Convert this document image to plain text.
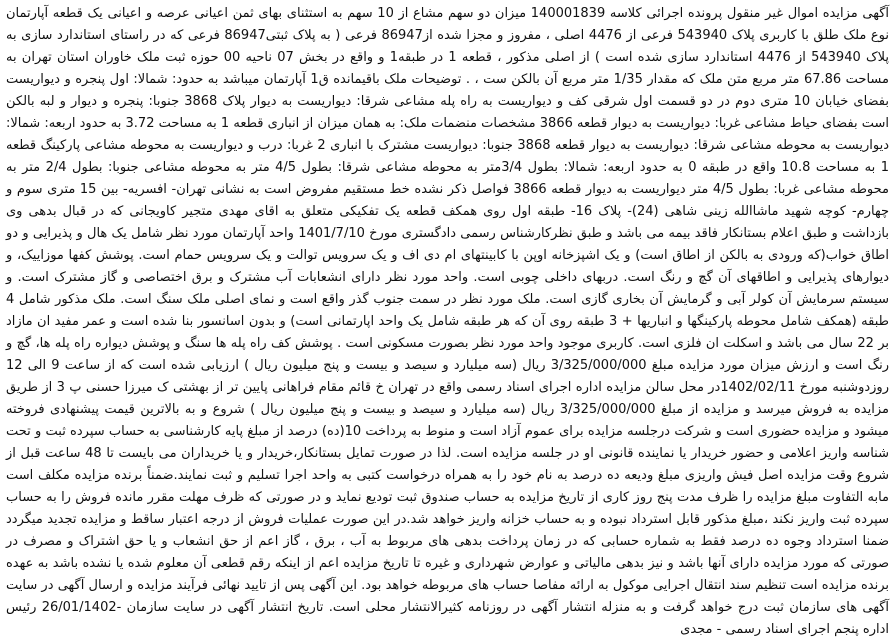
آگهی مزایده اموال غیر منقول پرونده اجرائی کلاسه 140001839 میزان دو سهم مشاع از 10 سهم به استثنای بهای ثمن اعیانی عرصه و اعیانی یک قطعه آپارتمان نوع ملک طلق با کاربری پلاک 543940 فرعی از 4476 اصلی ، مفروز و مجزا شده از86947 فرعی ( به پلاک ثبتی86947 فرعی که در راستای استاندارد سازی به پلاک 543940 از 4476 استاندارد سازی شده است ) از اصلی مذکور ، قطعه 1 در طبقه1 و واقع در بخش 07 ناحیه 00 حوزه ثبت ملک خاوران استان تهران به مساحت 67.86 متر مربع متن ملک که مقدار 1/35 متر مربع آن بالکن ست ، . توضیحات ملک باقیمانده ق1 آپارتمان میباشد به حدود: شمالا: اول پنجره و دیواریست بفضای خیابان 10 متری دوم در دو قسمت اول شرقی کف و دیواریست به راه پله مشاعی شرقا: دیواریست به دیوار پلاک 3868 جنوبا: پنجره و دیوار و لبه بالکن است بفضای حیاط مشاعی غربا: دیواریست به دیوار قطعه 3866 مشخصات منضمات ملک: به همان میزان از انباری قطعه 1 به مساحت 3.72 به حدود اربعه: شمالا: دیواریست به محوطه مشاعی شرقا: دیواریست به دیوار قطعه 3868 جنوبا: دیواریست مشترک با انباری 2 غربا: درب و دیواریست به محوطه مشاعی پارکینگ قطعه 1 به مساحت 10.8 واقع در طبقه 0 به حدود اربعه: شمالا: بطول 3/4متر به محوطه مشاعی شرقا: بطول 4/5 متر به محوطه مشاعی جنوبا: بطول 2/4 متر به محوطه مشاعی غربا: بطول 4/5 متر دیواریست به دیوار قطعه 3866 فواصل ذکر نشده خط مستقیم مفروض است به نشانی تهران- افسریه- بین 15 متری سوم و چهارم- کوچه شهید ماشاالله زینی شاهی (24)- پلاک 16- طبقه اول روی همکف قطعه یک تفکیکی متعلق به اقای مهدی متجیر کاویجانی که در قبال بدهی وی بازداشت و طبق اعلام بستانکار فاقد بیمه می باشد و طبق نظرکارشناس رسمی دادگستری مورخ 1401/7/10 واحد آپارتمان مورد نظر شامل یک هال و پذیرایی و دو اطاق خواب(که ورودی به بالکن از اطاق است) و یک اشپزخانه اوپن با کابینتهای ام دی اف و یک سرویس توالت و یک سرویس حمام است. پوشش کفها موزاییک، و دیوارهای پذیرایی و اطاقهای آن گچ و رنگ است. دربهای داخلی چوبی است. واحد مورد نظر دارای انشعابات آب مشترک و برق اختصاصی و گاز مشترک است. و سیستم سرمایش آن کولر آبی و گرمایش آن بخاری گازی است. ملک مورد نظر در سمت جنوب گذر واقع است و نمای اصلی ملک سنگ است. ملک مذکور شامل 4 طبقه (همکف شامل محوطه پارکینگها و انباریها + 3 طبقه روی آن که هر طبقه شامل یک واحد اپارتمانی است) و بدون اسانسور بنا شده است و عمر مفید ان مازاد بر 22 سال می باشد و اسکلت ان فلزی است. کاربری موجود واحد مورد نظر بصورت مسکونی است . پوشش کف راه پله ها سنگ و پوشش دیواره راه پله ها، گچ و رنگ است و ارزش میزان مورد مزایده مبلغ 3/325/000/000 ریال (سه میلیارد و سیصد و بیست و پنج میلیون ریال ) ارزیابی شده است که از ساعت 9 الی 12 روزدوشنبه مورخ 1402/02/11در محل سالن مزایده اداره اجرای اسناد رسمی واقع در تهران خ قائم مقام فراهانی پایین تر از بهشتی ک میرزا حسنی پ 3 از طریق مزایده به فروش میرسد و مزایده از مبلغ 3/325/000/000 ریال (سه میلیارد و سیصد و بیست و پنج میلیون ریال ) شروع و به بالاترین قیمت پیشنهادی فروخته میشود و مزایده حضوری است و شرکت درجلسه مزایده برای عموم آزاد است و منوط به پرداخت 10(ده) درصد از مبلغ پایه کارشناسی به حساب سپرده ثبت و تحت شناسه واریز اعلامی و حضور خریدار یا نماینده قانونی او در جلسه مزایده است. لذا در صورت تمایل بستانکار،خریدار و یا خریداران می بایست تا 48 ساعت قبل از شروع وقت مزایده اصل فیش واریزی مبلغ ودیعه ده درصد به نام خود را به همراه درخواست کتبی به واحد اجرا تسلیم و ثبت نمایند.ضمناً برنده مزایده مکلف است مابه التفاوت مبلغ مزایده را ظرف مدت پنج روز کاری از تاریخ مزایده به حساب صندوق ثبت تودیع نماید و در صورتی که ظرف مهلت مقرر مانده فروش را به حساب سپرده ثبت واریز نکند ،مبلغ مذکور قابل استرداد نبوده و به حساب خزانه واریز خواهد شد.در این صورت عملیات فروش از درجه اعتبار ساقط و مزایده تجدید میگردد ضمنا استرداد وجوه ده درصد فقط به شماره حسابی که در زمان پرداخت بدهی های مربوط به آب ، برق ، گاز اعم از حق انشعاب و یا حق اشتراک و مصرف در صورتی که مورد مزایده دارای آنها باشد و نیز بدهی مالیاتی و عوارض شهرداری و غیره تا تاریخ مزایده اعم از اینکه رقم قطعی آن معلوم شده یا نشده باشد به عهده برنده مزایده است تنظیم سند انتقال اجرایی موکول به ارائه مفاصا حساب های مربوطه خواهد بود. این آگهی پس از تایید نهائی فرآیند مزایده و ارسال آگهی در سایت آگهی های سازمان ثبت درج خواهد گرفت و به منزله انتشار آگهی در روزنامه کثیرالانتشار محلی است. تاریخ انتشار آگهی در سایت سازمان -26/01/1402 رئیس اداره پنجم اجرای اسناد رسمی - مجدی
